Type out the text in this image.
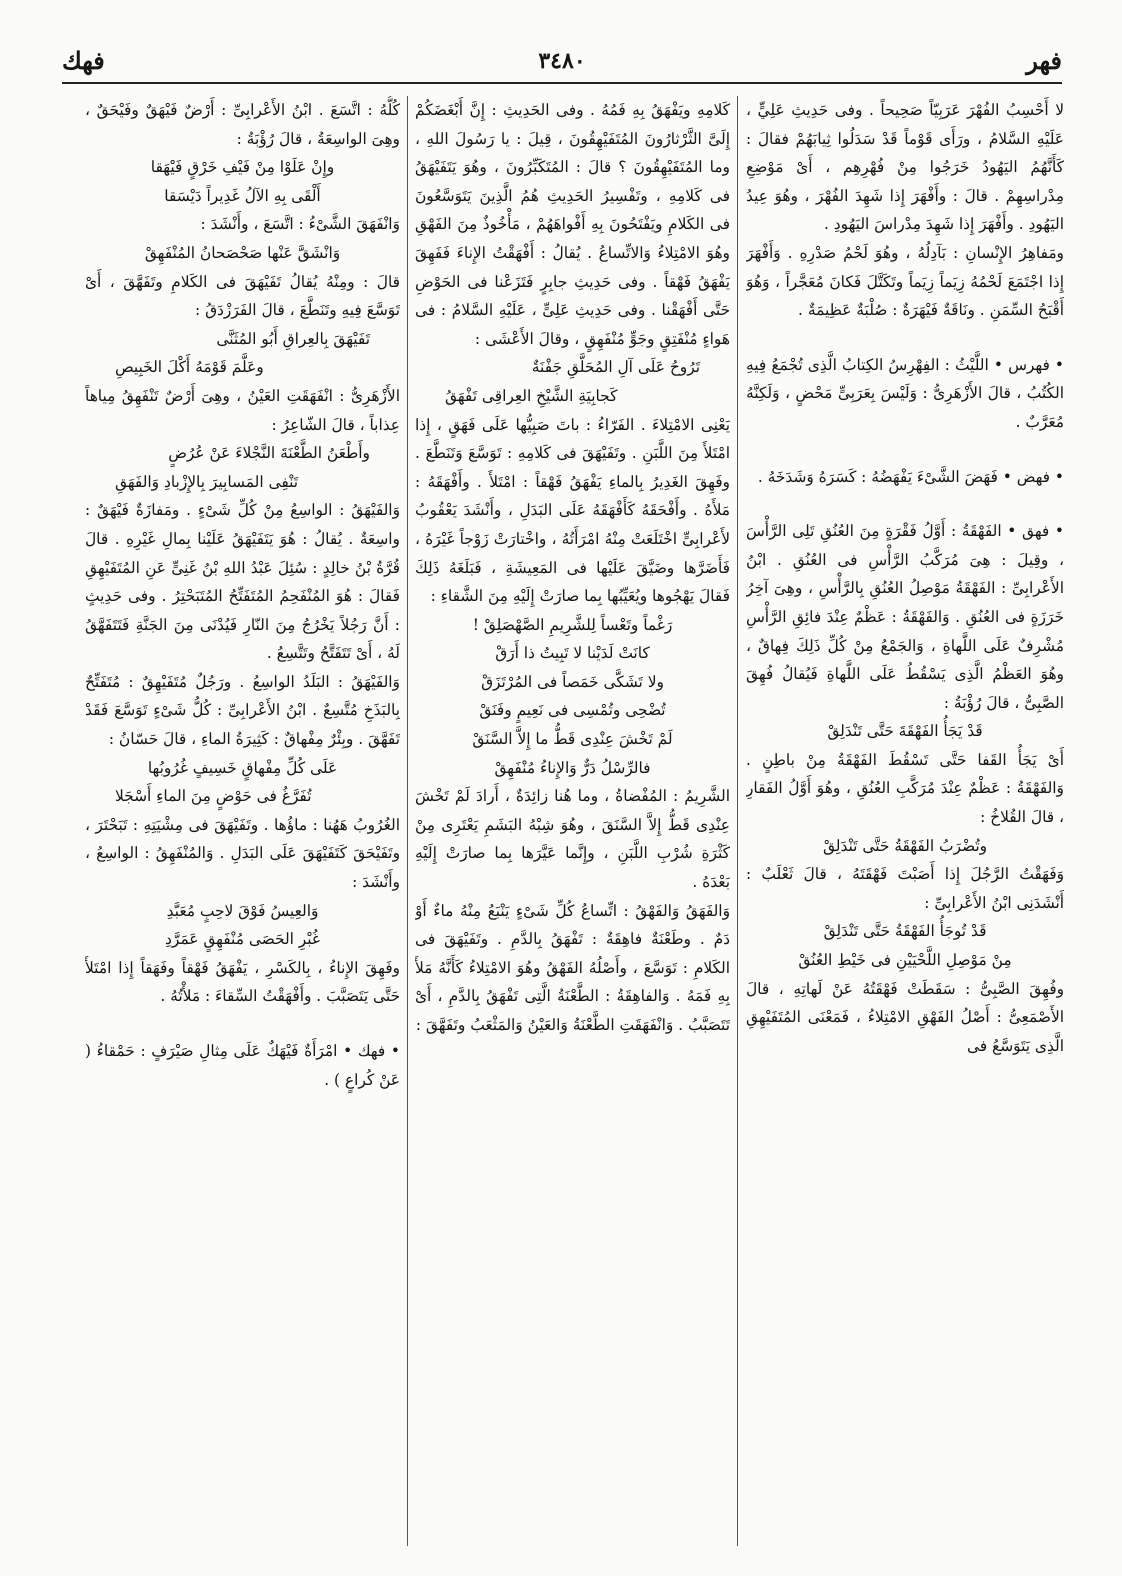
فهك	٣٤٨٠	فهر

لا أَحْسِبُ الفُهْرَ عَرَبِيّاً صَحِيحاً . وفى حَدِيثِ عَلِيٍّ ، عَلَيْهِ السَّلامُ ، ورَأَى قَوْماً قَدْ سَدَلُوا ثِيابَهُمْ فقالَ : كَأَنَّهُمُ اليَهُودُ خَرَجُوا مِنْ فُهْرِهِم ، أَىْ مَوْضِعِ مِدْراسِهِمْ . قالَ : وأَفْهَرَ إِذا شَهِدَ الفُهْرَ ، وهُوَ عِيدُ اليَهُودِ . وأَفْهَرَ إِذا شَهِدَ مِدْراسَ اليَهُودِ .

ومَفاهِرُ الإِنْسانِ : بَآدِلُهُ ، وهُوَ لَحْمُ صَدْرِهِ . وَأَفْهَرَ إِذا اجْتَمَعَ لَحْمُهُ زِيَماً زِيَماً وتَكَتَّلَ فَكانَ مُعَجَّراً ، وَهُوَ أَقْبَحُ السِّمَنِ . ونَاقَةٌ فَيْهَرَةٌ : صُلْبَةٌ عَظِيمَةٌ .

• فهرس • اللَّيْثُ : الفِهْرِسُ الكِتابُ الَّذِى تُجْمَعُ فِيهِ الكُتُبُ ، قالَ الأَزْهَرِىُّ : وَلَيْسَ بِعَرَبِىٍّ مَحْضٍ ، وَلَكِنَّهُ مُعَرَّبٌ .

• فهض • فَهَضَ الشَّىْءَ يَفْهَضُهُ : كَسَرَهُ وَشَدَخَهُ .

• فهق • الفَهْقَةُ : أَوَّلُ فَقْرَةٍ مِنَ العُنُقِ تَلِى الرَّأْسَ ، وقِيلَ : هِىَ مُرَكَّبُ الرَّأْسِ فى العُنُقِ . ابْنُ الأَعْرابِىِّ : الفَهْقَةُ مَوْصِلُ العُنُقِ بِالرَّأْسِ ، وهِىَ آخِرُ خَرَزَةٍ فى العُنُقِ . وَالفَهْقَةُ : عَظْمٌ عِنْدَ فائِقِ الرَّأْسِ مُشْرِفٌ عَلَى اللَّهاةِ ، وَالجَمْعُ مِنْ كُلِّ ذَلِكَ فِهاقٌ ، وهُوَ العَظْمُ الَّذِى يَسْقُطُ عَلَى اللَّهاةِ فَيُقالُ فُهِقَ الصَّبِىُّ ، قالَ رُؤْبَةُ :

قَدْ يَجَأُ الفَهْقَةَ حَتَّى تَنْدَلِقْ

أَىْ يَجَأُ القَفا حَتَّى تَسْقُطَ الفَهْقَةُ مِنْ باطِنٍ . وَالفَهْقَةُ : عَظْمٌ عِنْدَ مُرَكَّبِ العُنُقِ ، وهُوَ أَوَّلُ الفَقارِ ، قالَ القُلاخُ :

وتُضْرَبُ الفَهْقَةُ حَتَّى تَنْدَلِقْ

وَفَهَقْتُ الرَّجُلَ إِذا أَصَبْتَ فَهْقَتَهُ ، قالَ ثَعْلَبٌ : أَنْشَدَنِى ابْنُ الأَعْرابِىِّ :

قَدْ تُوجَأُ الفَهْقَةُ حَتَّى تَنْدَلِقْ

مِنْ مَوْصِلِ اللَّحْيَيْنِ فى خَيْطِ العُنُقْ

وفُهِقَ الصَّبِىُّ : سَقَطَتْ فَهْقَتُهُ عَنْ لَهاتِهِ ، قالَ الأَصْمَعِىُّ : أَصْلُ الفَهْقِ الامْتِلاءُ ، فَمَعْنَى المُتَفَيْهِقِ الَّذِى يَتَوَسَّعُ فى

كَلامِهِ ويَفْهَقُ بِهِ فَمُهُ . وفى الحَدِيثِ : إِنَّ أَبْغَضَكُمْ إِلَىَّ الثَّرْثارُونَ المُتَفَيْهِقُونَ ، قِيلَ : يا رَسُولَ اللهِ ، وما المُتَفَيْهِقُونَ ؟ قالَ : المُتَكَبِّرُونَ ، وهُوَ يَتَفَيْهَقُ فى كَلامِهِ ، وتَفْسِيرُ الحَدِيثِ هُمُ الَّذِينَ يَتَوَسَّعُونَ فى الكَلامِ ويَفْتَحُونَ بِهِ أَفْواهَهُمْ ، مَأْخُوذٌ مِنَ الفَهْقِ وهُوَ الامْتِلاءُ وَالاتِّساعُ . يُقالُ : أَفْهَقْتُ الإِناءَ فَفَهِقَ يَفْهَقُ فَهْقاً . وفى حَدِيثِ جابِرٍ فَتَزَعْنا فى الحَوْضِ حَتَّى أَفْهَقْنا . وفى حَدِيثِ عَلِىٍّ ، عَلَيْهِ السَّلامُ : فى هَواءٍ مُنْفَتِقٍ وجَوٍّ مُنْفَهِقٍ ، وقالَ الأَعْشَى :

تَرُوحُ عَلَى آلِ المُحَلَّقِ جَفْنَةٌ

كَجابِيَةِ الشَّيْخِ العِراقِى تَفْهَقُ

يَعْنِى الامْتِلاءَ . الفَرّاءُ : باتَ صَبِيُّها عَلَى فَهَقٍ ، إِذا امْتَلأَ مِنَ اللَّبَنِ . وتَفَيْهَقَ فى كَلامِهِ : تَوَسَّعَ وَتَنَطَّعَ . وفَهِقَ الغَدِيرُ بِالماءِ يَفْهَقُ فَهْقاً : امْتَلأَ . وأَفْهَقَهُ : مَلأَهُ . وأَفْحَقَهُ كَأَفْهَقَهُ عَلَى البَدَلِ ، وأَنْشَدَ يَعْقُوبُ لأَعْرابِىٍّ اخْتَلَعَتْ مِنْهُ امْرَأَتُهُ ، واخْتارَتْ زَوْجاً غَيْرَهُ ، فَأَضَرَّها وضَيَّقَ عَلَيْها فى المَعِيشَةِ ، فَبَلَغَهُ ذَلِكَ فَقالَ يَهْجُوها ويُعَيِّبُها بِما صارَتْ إِلَيْهِ مِنَ الشَّقاءِ :

رَغْماً وتَعْساً لِلشَّرِيمِ الصَّهْصَلِقْ !

كانَتْ لَدَيْنا لا تَبِيتُ ذا أَرَقْ

ولا تَشَكَّى خَمَصاً فى المُرْتَزَقْ

تُضْحِى وتُمْسِى فى نَعِيمٍ وفَنَقْ

لَمْ تَخْشَ عِنْدِى قَطُّ ما إِلاَّ السَّنَقْ

فالرِّسْلُ دَرٌّ وَالإِناءُ مُنْفَهِقْ

الشَّرِيمُ : المُفْضاةُ ، وما هُنا زائِدَةٌ ، أَرادَ لَمْ تَخْشَ عِنْدِى قَطُّ إِلاَّ السَّنَقَ ، وهُوَ شِبْهُ البَشَمِ يَعْتَرِى مِنْ كَثْرَةِ شُرْبِ اللَّبَنِ ، وإِنَّما عَيَّرَها بِما صارَتْ إِلَيْهِ بَعْدَهُ .

وَالفَهَقُ وَالفَهْقُ : اتِّساعُ كُلِّ شَىْءٍ يَنْبَعُ مِنْهُ ماءٌ أَوْ دَمٌ . وطَعْنَةٌ فاهِقَةٌ : تَفْهَقُ بِالدَّمِ . وتَفَيْهَقَ فى الكَلامِ : تَوَسَّعَ ، وأَصْلُهُ الفَهْقُ وهُوَ الامْتِلاءُ كَأَنَّهُ مَلأَ بِهِ فَمَهُ . وَالفاهِقَةُ : الطَّعْنَةُ الَّتِى تَفْهَقُ بِالدَّمِ ، أَىْ تَتَصَبَّبُ . وَانْفَهَقَتِ الطَّعْنَةُ وَالعَيْنُ وَالمَثْعَبُ وتَفَهَّقَ :

كُلُّهُ : اتَّسَعَ . ابْنُ الأَعْرابِىِّ : أَرْضٌ فَيْهَقٌ وفَيْحَقٌ ، وهِىَ الواسِعَةُ ، قالَ رُؤْبَةُ :

وإِنْ عَلَوْا مِنْ فَيْفِ خَرْقٍ فَيْهَقا

أَلْقَى بِهِ الآلُ غَدِيراً دَيْسَقا

وَانْفَهَقَ الشَّىْءُ : اتَّسَعَ ، وأَنْشَدَ :

وَانْشَقَّ عَنْها صَحْصَحانُ المُنْفَهِقْ

قالَ : ومِنْهُ يُقالُ تَفَيْهَقَ فى الكَلامِ وتَفَهَّقَ ، أَىْ تَوَسَّعَ فِيهِ وتَنَطَّعَ ، قالَ الفَرَزْدَقُ :

تَفَيْهَقَ بِالعِراقِ أَبُو المُثَنَّى

وعَلَّمَ قَوْمَهُ أَكْلَ الخَبِيصِ

الأَزْهَرِىُّ : انْفَهَقَتِ العَيْنُ ، وهِىَ أَرْضٌ تَنْفَهِقُ مِياهاً عِذاباً ، قالَ الشّاعِرُ :

وأَطْعَنُ الطَّعْنَةَ النَّجْلاءَ عَنْ عُرُضٍ

تَنْفِى المَسابِيرَ بِالإِزْبادِ وَالفَهَقِ

وَالفَيْهَقُ : الواسِعُ مِنْ كُلِّ شَىْءٍ . ومَفازَةٌ فَيْهَقٌ : واسِعَةٌ . يُقالُ : هُوَ يَتَفَيْهَقُ عَلَيْنا بِمالِ غَيْرِهِ . قالَ قُرَّةُ بْنُ خالِدٍ : سُئِلَ عَبْدُ اللهِ بْنُ غَنِىٍّ عَنِ المُتَفَيْهِقِ فَقالَ : هُوَ المُنْفَحِمُ المُتَفَتِّحُ المُتَبَحْتِرُ . وفى حَدِيثٍ : أَنَّ رَجُلاً يَخْرُجُ مِنَ النّارِ فَيُدْنَى مِنَ الجَنَّةِ فَتَتَفَهَّقُ لَهُ ، أَىْ تَتَفَتَّحُ وتَتَّسِعُ .

وَالفَيْهَقُ : البَلَدُ الواسِعُ . ورَجُلٌ مُتَفَيْهِقٌ : مُتَفَتِّحٌ بِالبَذَخِ مُتَّسِعٌ . ابْنُ الأَعْرابِىِّ : كُلُّ شَىْءٍ تَوَسَّعَ فَقَدْ تَفَهَّقَ . وبِئْرٌ مِفْهاقٌ : كَثِيرَةُ الماءِ ، قالَ حَسّانُ :

عَلَى كُلِّ مِفْهاقٍ خَسِيفٍ غُرُوبُها

تُفَرَّغُ فى حَوْضٍ مِنَ الماءِ أَسْجَلا

الغُرُوبُ هَهُنا : ماؤُها . وتَفَيْهَقَ فى مِشْيَتِهِ : تَبَحْتَرَ ، وتَفَيْحَقَ كَتَفَيْهَقَ عَلَى البَدَلِ . وَالمُنْفَهِقُ : الواسِعُ ، وأَنْشَدَ :

وَالعِيسُ فَوْقَ لاحِبٍ مُعَبَّدِ

غُبْرِ الحَصَى مُنْفَهِقٍ عَمَرَّدِ

وفَهِقَ الإِناءُ ، بِالكَسْرِ ، يَفْهَقُ فَهْقاً وفَهَقاً إِذا امْتَلأَ حَتَّى يَتَصَبَّبَ . وأَفْهَقْتُ السِّقاءَ : مَلأْتُهُ .

• فهك • امْرَأَةٌ فَيْهَكٌ عَلَى مِثالِ صَيْرَفٍ : حَمْقاءُ ( عَنْ كُراعٍ ) .
